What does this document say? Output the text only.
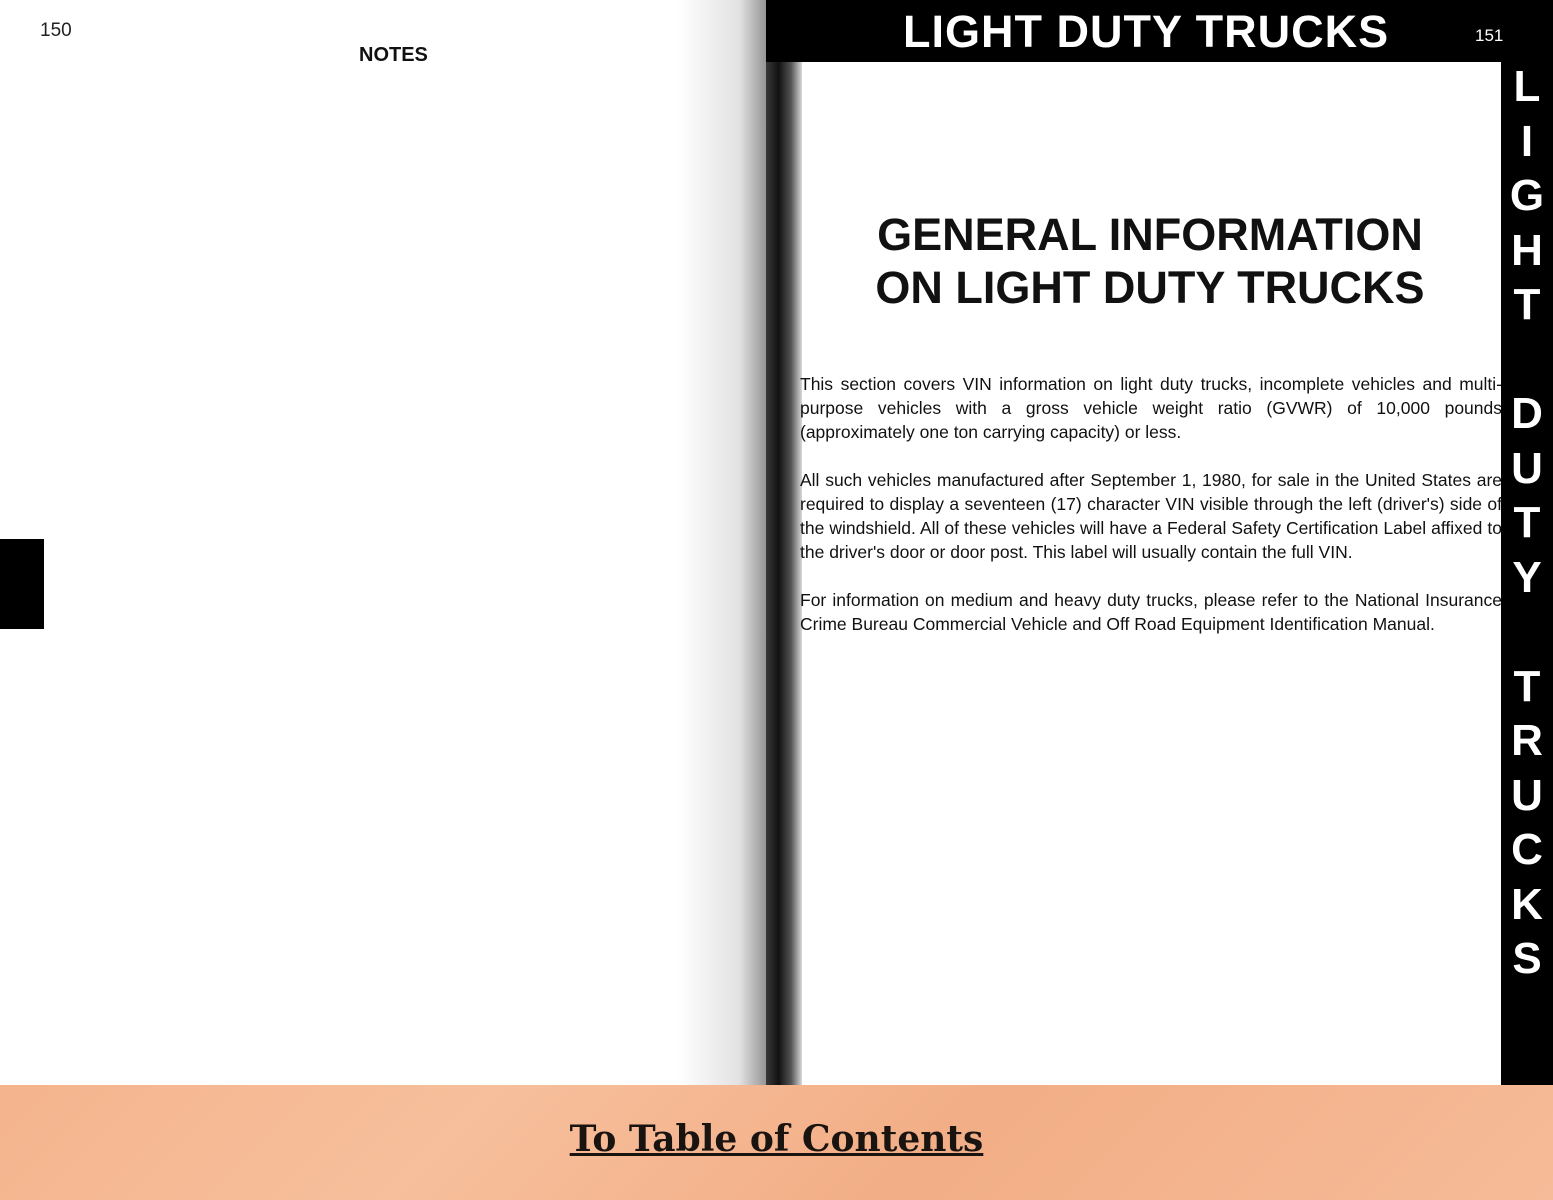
150
NOTES	LIGHT DUTY TRUCKS	151
L
I
G
H
T
D
U
T
Y
T
R
U
C
K
S
GENERAL INFORMATION
ON LIGHT DUTY TRUCKS

This section covers VIN information on light duty trucks, incomplete vehicles and multi-purpose vehicles with a gross vehicle weight ratio (GVWR) of 10,000 pounds (approximately one ton carrying capacity) or less.

All such vehicles manufactured after September 1, 1980, for sale in the United States are required to display a seventeen (17) character VIN visible through the left (driver's) side of the windshield. All of these vehicles will have a Federal Safety Certification Label affixed to the driver's door or door post. This label will usually contain the full VIN.

For information on medium and heavy duty trucks, please refer to the National Insurance Crime Bureau Commercial Vehicle and Off Road Equipment Identification Manual.

To Table of Contents
